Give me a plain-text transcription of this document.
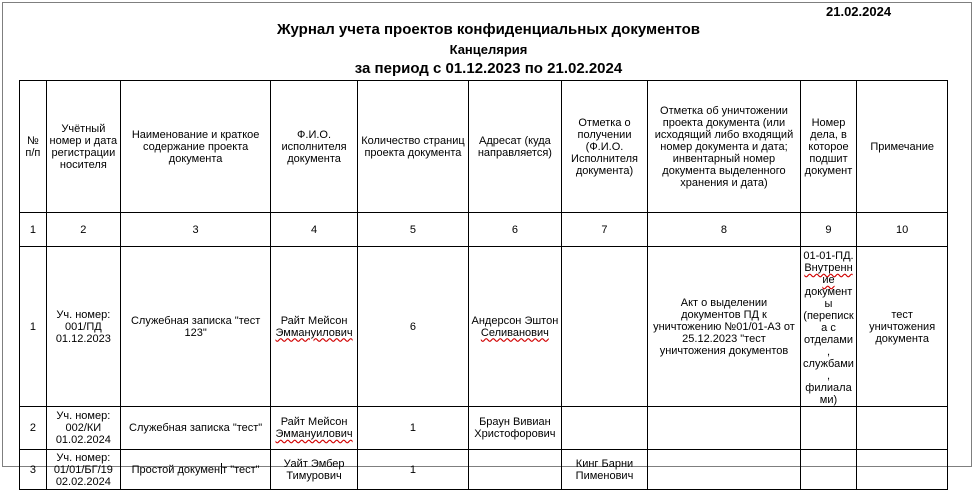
21.02.2024
Журнал учета проектов конфиденциальных документов
Канцелярия
за период с 01.12.2023 по 21.02.2024
№ п/п	Учётный номер и дата регистрации носителя	Наименование и краткое содержание проекта документа	Ф.И.О. исполнителя документа	Количество страниц проекта документа	Адресат (куда направляется)	Отметка о получении (Ф.И.О. Исполнителя документа)	Отметка об уничтожении проекта документа (или исходящий либо входящий номер документа и дата; инвентарный номер документа выделенного хранения и дата)	Номер дела, в которое подшит документ	Примечание
1	2	3	4	5	6	7	8	9	10
1	Уч. номер: 001/ПД 01.12.2023	Служебная записка "тест 123"	Райт Мейсон Эммануилович	6	Андерсон Эштон Селиванович		Акт о выделении документов ПД к уничтожению №01/01-А3 от 25.12.2023 "тест уничтожения документов	01-01-ПД. Внутренние документы (переписка с отделами, службами, филиалами)	тест уничтожения документа
2	Уч. номер: 002/КИ 01.02.2024	Служебная записка "тест"	Райт Мейсон Эммануилович	1	Браун Вивиан Христофорович				
3	Уч. номер: 01/01/БГ/19 02.02.2024	Простой докумен т "тест"	Уайт Эмбер Тимурович	1		Кинг Барни Пименович			
